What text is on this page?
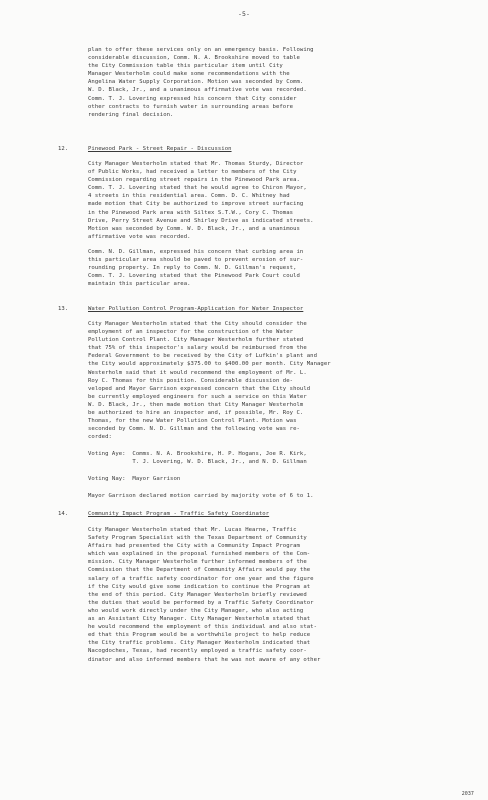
-5-

plan to offer these services only on an emergency basis. Following

considerable discussion, Comm. N. A. Brookshire moved to table

the City Commission table this particular item until City

Manager Westerholm could make some recommendations with the

Angelina Water Supply Corporation. Motion was seconded by Comm.

W. D. Black, Jr., and a unanimous affirmative vote was recorded.

Comm. T. J. Lovering expressed his concern that City consider

other contracts to furnish water in surrounding areas before

rendering final decision.

12.	Pinewood Park - Street Repair - Discussion

City Manager Westerholm stated that Mr. Thomas Sturdy, Director

of Public Works, had received a letter to members of the City

Commission regarding street repairs in the Pinewood Park area.

Comm. T. J. Lovering stated that he would agree to Chiron Mayor,

4 streets in this residential area. Comm. D. C. Whitney had

made motion that City be authorized to improve street surfacing

in the Pinewood Park area with Siltex S.T.W., Cory C. Thomas

Drive, Perry Street Avenue and Shirley Drive as indicated streets.

Motion was seconded by Comm. W. D. Black, Jr., and a unanimous

affirmative vote was recorded.

Comm. N. D. Gillman, expressed his concern that curbing area in

this particular area should be paved to prevent erosion of sur-

rounding property. In reply to Comm. N. D. Gillman's request,

Comm. T. J. Lovering stated that the Pinewood Park Court could

maintain this particular area.

13.	Water Pollution Control Program-Application for Water Inspector

City Manager Westerholm stated that the City should consider the

employment of an inspector for the construction of the Water

Pollution Control Plant. City Manager Westerholm further stated

that 75% of this inspector's salary would be reimbursed from the

Federal Government to be received by the City of Lufkin's plant and

the City would approximately $375.00 to $400.00 per month. City Manager

Westerholm said that it would recommend the employment of Mr. L.

Roy C. Thomas for this position. Considerable discussion de-

veloped and Mayor Garrison expressed concern that the City should

be currently employed engineers for such a service on this Water

W. D. Black, Jr., then made motion that City Manager Westerholm

be authorized to hire an inspector and, if possible, Mr. Roy C.

Thomas, for the new Water Pollution Control Plant. Motion was

seconded by Comm. N. D. Gillman and the following vote was re-

corded:

Voting Aye:  Comms. N. A. Brookshire, H. P. Hogans, Joe R. Kirk,

T. J. Lovering, W. D. Black, Jr., and N. D. Gillman

Voting Nay:  Mayor Garrison

Mayor Garrison declared motion carried by majority vote of 6 to 1.

14.	Community Impact Program - Traffic Safety Coordinator

City Manager Westerholm stated that Mr. Lucas Hearne, Traffic

Safety Program Specialist with the Texas Department of Community

Affairs had presented the City with a Community Impact Program

which was explained in the proposal furnished members of the Com-

mission. City Manager Westerholm further informed members of the

Commission that the Department of Community Affairs would pay the

salary of a traffic safety coordinator for one year and the figure

if the City would give some indication to continue the Program at

the end of this period. City Manager Westerholm briefly reviewed

the duties that would be performed by a Traffic Safety Coordinator

who would work directly under the City Manager, who also acting

as an Assistant City Manager. City Manager Westerholm stated that

he would recommend the employment of this individual and also stat-

ed that this Program would be a worthwhile project to help reduce

the City traffic problems. City Manager Westerholm indicated that

Nacogdoches, Texas, had recently employed a traffic safety coor-

dinator and also informed members that he was not aware of any other

2037
